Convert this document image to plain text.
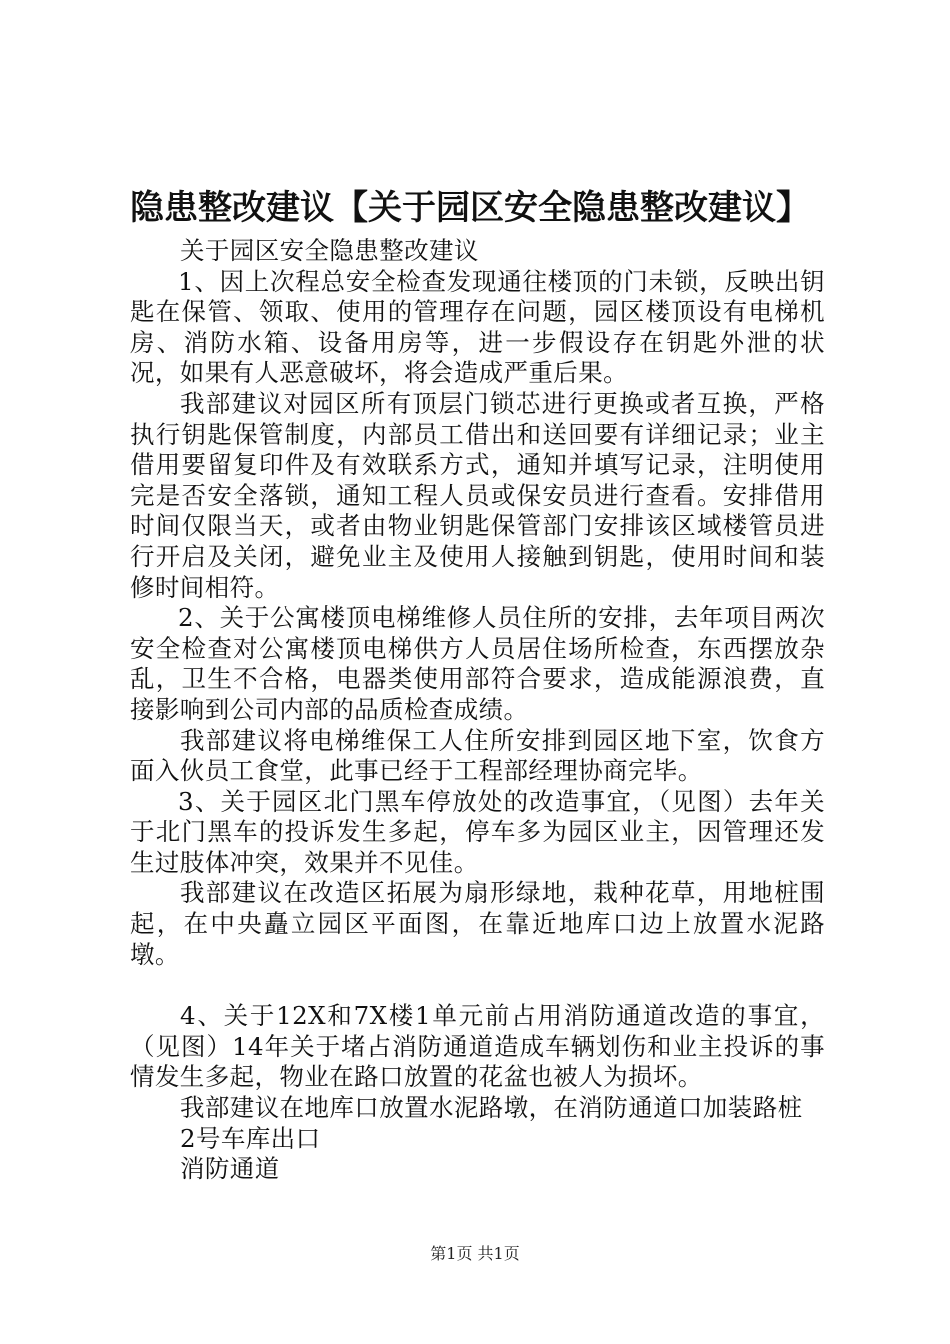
隐患整改建议【关于园区安全隐患整改建议】

关于园区安全隐患整改建议

1、因上次程总安全检查发现通往楼顶的门未锁，反映出钥匙在保管、领取、使用的管理存在问题，园区楼顶设有电梯机房、消防水箱、设备用房等，进一步假设存在钥匙外泄的状况，如果有人恶意破坏，将会造成严重后果。

我部建议对园区所有顶层门锁芯进行更换或者互换，严格执行钥匙保管制度，内部员工借出和送回要有详细记录；业主借用要留复印件及有效联系方式，通知并填写记录，注明使用完是否安全落锁，通知工程人员或保安员进行查看。安排借用时间仅限当天，或者由物业钥匙保管部门安排该区域楼管员进行开启及关闭，避免业主及使用人接触到钥匙，使用时间和装修时间相符。

2、关于公寓楼顶电梯维修人员住所的安排，去年项目两次安全检查对公寓楼顶电梯供方人员居住场所检查，东西摆放杂乱，卫生不合格，电器类使用部符合要求，造成能源浪费，直接影响到公司内部的品质检查成绩。

我部建议将电梯维保工人住所安排到园区地下室，饮食方面入伙员工食堂，此事已经于工程部经理协商完毕。

3、关于园区北门黑车停放处的改造事宜，（见图）去年关于北门黑车的投诉发生多起，停车多为园区业主，因管理还发生过肢体冲突，效果并不见佳。

我部建议在改造区拓展为扇形绿地，栽种花草，用地桩围起，在中央矗立园区平面图，在靠近地库口边上放置水泥路墩。

4、关于12X和7X楼1单元前占用消防通道改造的事宜，（见图）14年关于堵占消防通道造成车辆划伤和业主投诉的事情发生多起，物业在路口放置的花盆也被人为损坏。

我部建议在地库口放置水泥路墩，在消防通道口加装路桩

2号车库出口

消防通道

第1页 共1页
